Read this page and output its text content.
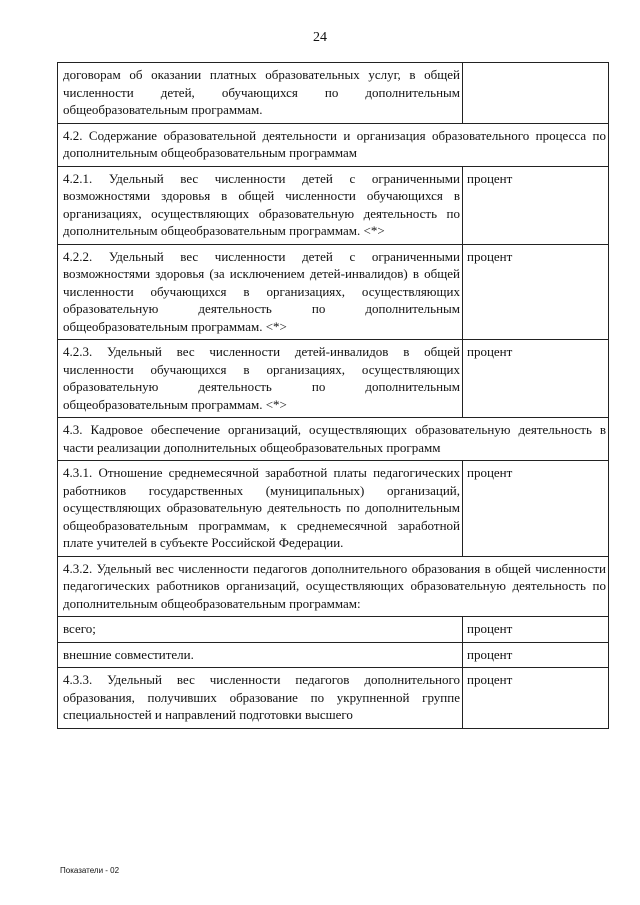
24
договорам об оказании платных образовательных услуг, в общей численности детей, обучающихся по дополнительным общеобразовательным программам.	
4.2. Содержание образовательной деятельности и организация образовательного процесса по дополнительным общеобразовательным программам	
4.2.1. Удельный вес численности детей с ограниченными возможностями здоровья в общей численности обучающихся в организациях, осуществляющих образовательную деятельность по дополнительным общеобразовательным программам. <*>	процент
4.2.2. Удельный вес численности детей с ограниченными возможностями здоровья (за исключением детей-инвалидов) в общей численности обучающихся в организациях, осуществляющих образовательную деятельность по дополнительным общеобразовательным программам. <*>	процент
4.2.3. Удельный вес численности детей-инвалидов в общей численности обучающихся в организациях, осуществляющих образовательную деятельность по дополнительным общеобразовательным программам. <*>	процент
4.3. Кадровое обеспечение организаций, осуществляющих образовательную деятельность в части реализации дополнительных общеобразовательных программ	
4.3.1. Отношение среднемесячной заработной платы педагогических работников государственных (муниципальных) организаций, осуществляющих образовательную деятельность по дополнительным общеобразовательным программам, к среднемесячной заработной плате учителей в субъекте Российской Федерации.	процент
4.3.2. Удельный вес численности педагогов дополнительного образования в общей численности педагогических работников организаций, осуществляющих образовательную деятельность по дополнительным общеобразовательным программам:	
всего;	процент
внешние совместители.	процент
4.3.3. Удельный вес численности педагогов дополнительного образования, получивших образование по укрупненной группе специальностей и направлений подготовки высшего	процент
Показатели - 02
